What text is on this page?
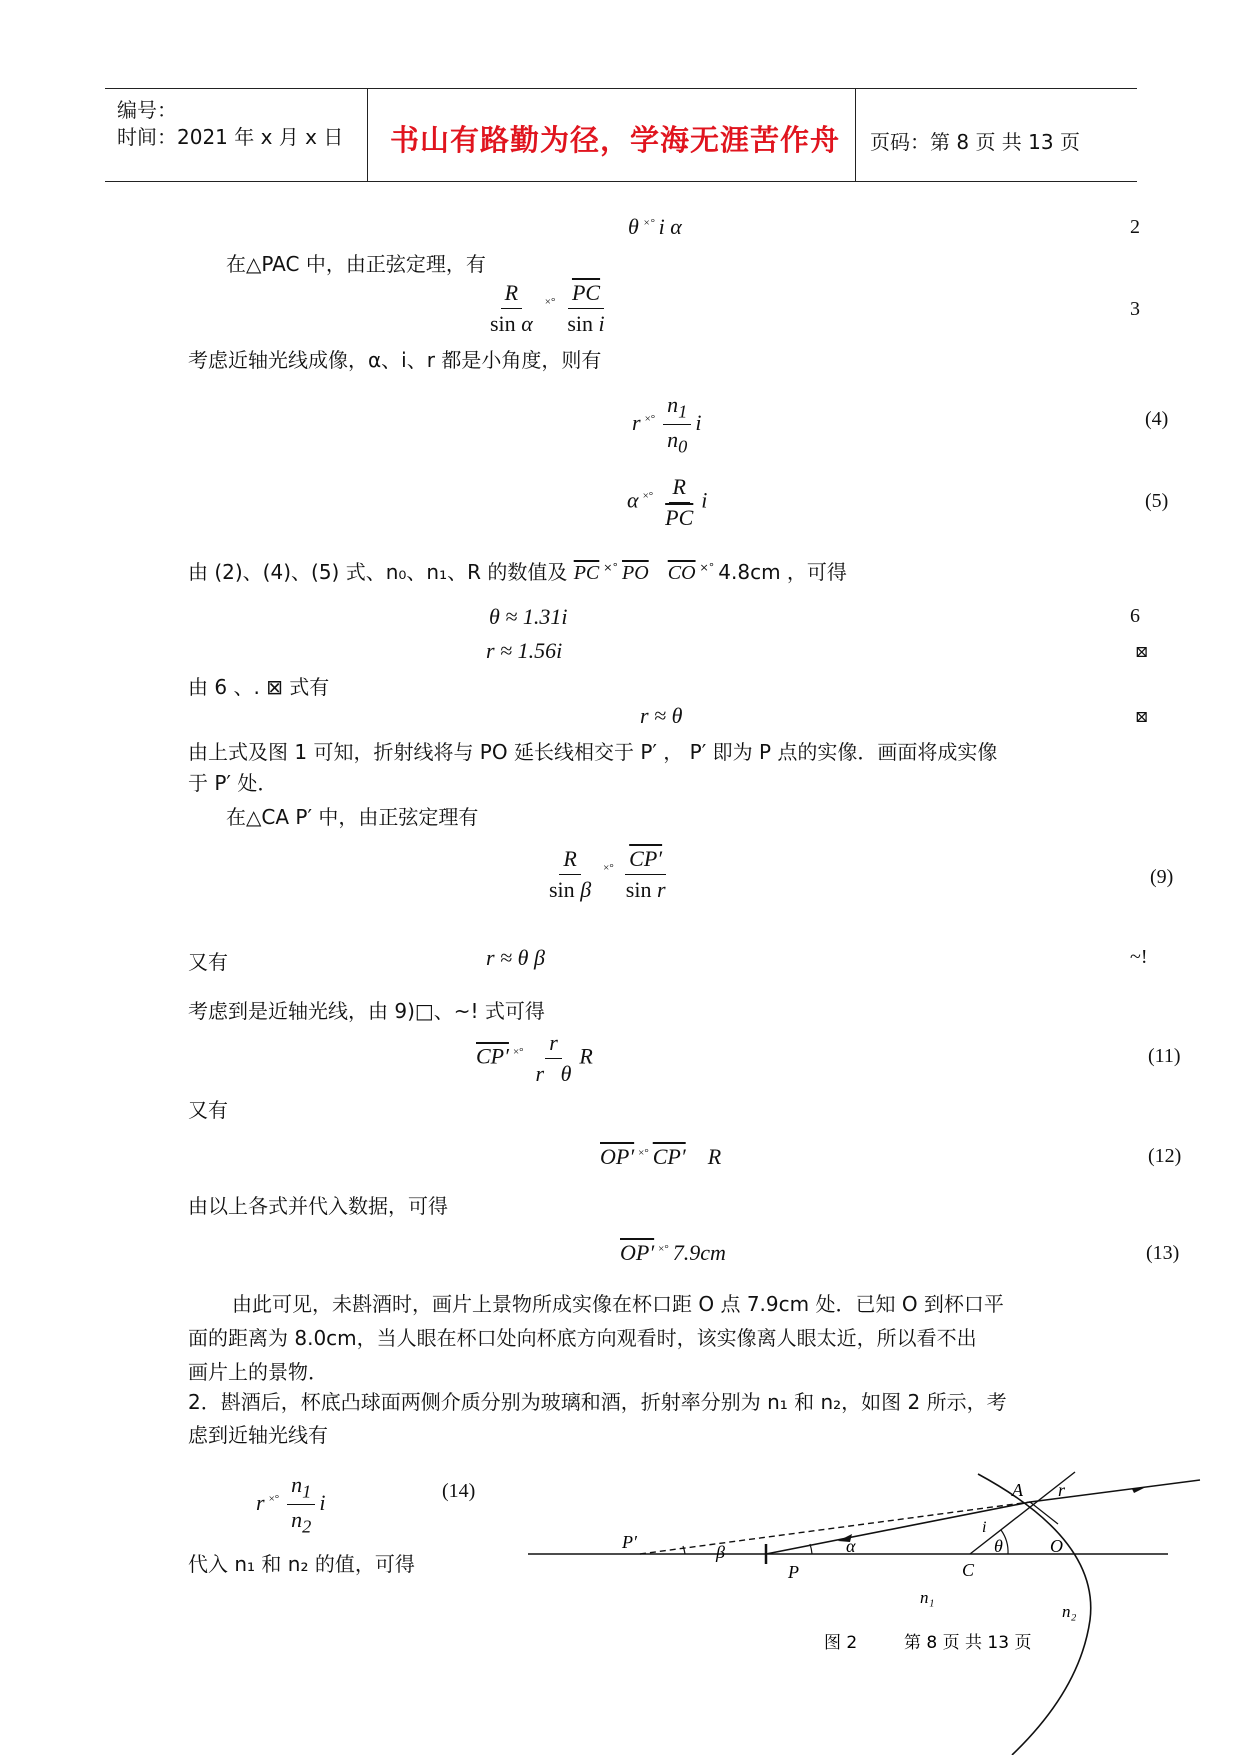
编号：
时间：2021 年 x 月 x 日 书山有路勤为径，学海无涯苦作舟 页码：第 8 页 共 13 页
θ ×° i α	2
在△PAC 中，由正弦定理，有
$\frac{R}{\text{sin α}} ^{\times^\circ} \frac{\overline{PC}}{\text{sin i}}$	3
考虑近轴光线成像，α、i、r 都是小角度，则有
r $^{\times^\circ} \frac{n_1}{n_0}$ i	(4)
α $^{\times^\circ} \frac{R}{PC}$ i	(5)
由 (2)、(4)、(5) 式、n₀、n₁、R 的数值及 $\overline{PC}$ ×° $\overline{PO}$ $\overline{CO}$ ×° 4.8cm ，可得
θ ≈ 1.31i	6
r ≈ 1.56i	⊠
由 6 、. ⊠ 式有
r ≈ θ	⊠
由上式及图 1 可知，折射线将与 PO 延长线相交于 P′ ， P′ 即为 P 点的实像．画面将成实像
于 P′ 处．
在△CA P′ 中，由正弦定理有
$\frac{R}{\text{sin β}} ^{\times^\circ} \frac{CP'}{\text{sin r}}$	(9)
又有	r ≈ θ β	~!
考虑到是近轴光线，由 9)□、~! 式可得
CP′ $^{\times^\circ} \frac{r}{\text{r   θ}}$ R	(11)
又有
OP′ ×° CP′ R	(12)
由以上各式并代入数据，可得
OP′ ×° 7.9cm	(13)
由此可见，未斟酒时，画片上景物所成实像在杯口距 O 点 7.9cm 处．已知 O 到杯口平
面的距离为 8.0cm，当人眼在杯口处向杯底方向观看时，该实像离人眼太近，所以看不出
画片上的景物．
2．斟酒后，杯底凸球面两侧介质分别为玻璃和酒，折射率分别为 n₁ 和 n₂，如图 2 所示，考
虑到近轴光线有
r $^{\times^\circ} \frac{n_1}{n_2}$ i	(14)
代入 n₁ 和 n₂ 的值，可得
A r
i
θ	O
C
P
P′	α
β
n₁
n₂
图 2	第 8 页 共 13 页
